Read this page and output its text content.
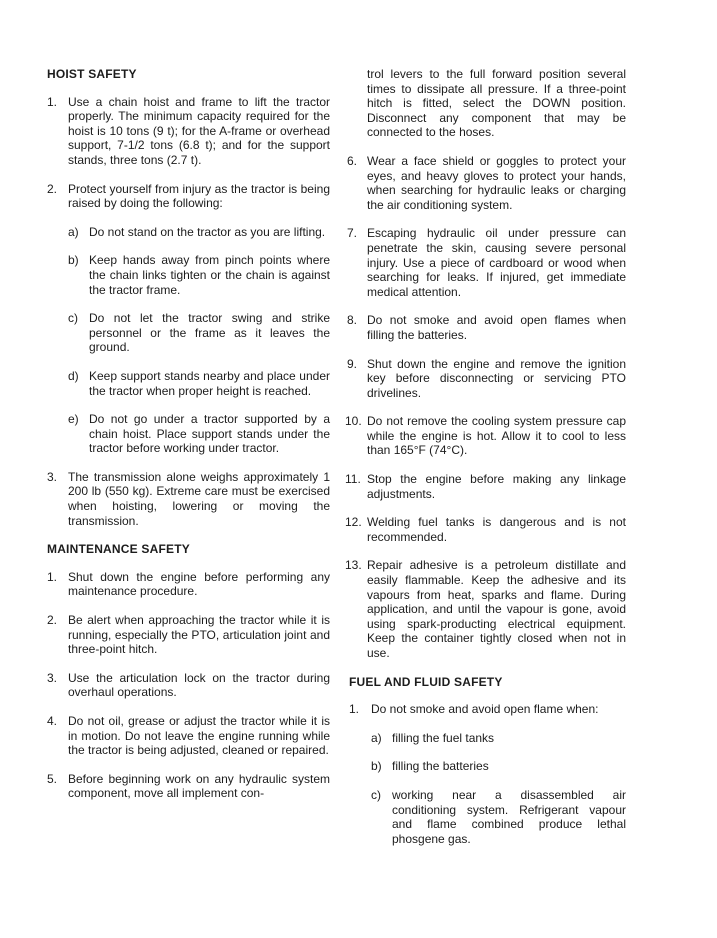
HOIST SAFETY
1. Use a chain hoist and frame to lift the tractor properly. The minimum capacity required for the hoist is 10 tons (9 t); for the A-frame or overhead support, 7-1/2 tons (6.8 t); and for the support stands, three tons (2.7 t).
2. Protect yourself from injury as the tractor is being raised by doing the following:
a) Do not stand on the tractor as you are lifting.
b) Keep hands away from pinch points where the chain links tighten or the chain is against the tractor frame.
c) Do not let the tractor swing and strike personnel or the frame as it leaves the ground.
d) Keep support stands nearby and place under the tractor when proper height is reached.
e) Do not go under a tractor supported by a chain hoist. Place support stands under the tractor before working under tractor.
3. The transmission alone weighs approximately 1 200 lb (550 kg). Extreme care must be exercised when hoisting, lowering or moving the transmission.
MAINTENANCE SAFETY
1. Shut down the engine before performing any maintenance procedure.
2. Be alert when approaching the tractor while it is running, especially the PTO, articulation joint and three-point hitch.
3. Use the articulation lock on the tractor during overhaul operations.
4. Do not oil, grease or adjust the tractor while it is in motion. Do not leave the engine running while the tractor is being adjusted, cleaned or repaired.
5. Before beginning work on any hydraulic system component, move all implement con-

trol levers to the full forward position several times to dissipate all pressure. If a three-point hitch is fitted, select the DOWN position. Disconnect any component that may be connected to the hoses.

6. Wear a face shield or goggles to protect your eyes, and heavy gloves to protect your hands, when searching for hydraulic leaks or charging the air conditioning system.
7. Escaping hydraulic oil under pressure can penetrate the skin, causing severe personal injury. Use a piece of cardboard or wood when searching for leaks. If injured, get immediate medical attention.
8. Do not smoke and avoid open flames when filling the batteries.
9. Shut down the engine and remove the ignition key before disconnecting or servicing PTO drivelines.
10. Do not remove the cooling system pressure cap while the engine is hot. Allow it to cool to less than 165°F (74°C).
11. Stop the engine before making any linkage adjustments.
12. Welding fuel tanks is dangerous and is not recommended.
13. Repair adhesive is a petroleum distillate and easily flammable. Keep the adhesive and its vapours from heat, sparks and flame. During application, and until the vapour is gone, avoid using spark-producting electrical equipment. Keep the container tightly closed when not in use.
FUEL AND FLUID SAFETY
1. Do not smoke and avoid open flame when:
a) filling the fuel tanks
b) filling the batteries
c) working near a disassembled air conditioning system. Refrigerant vapour and flame combined produce lethal phosgene gas.
